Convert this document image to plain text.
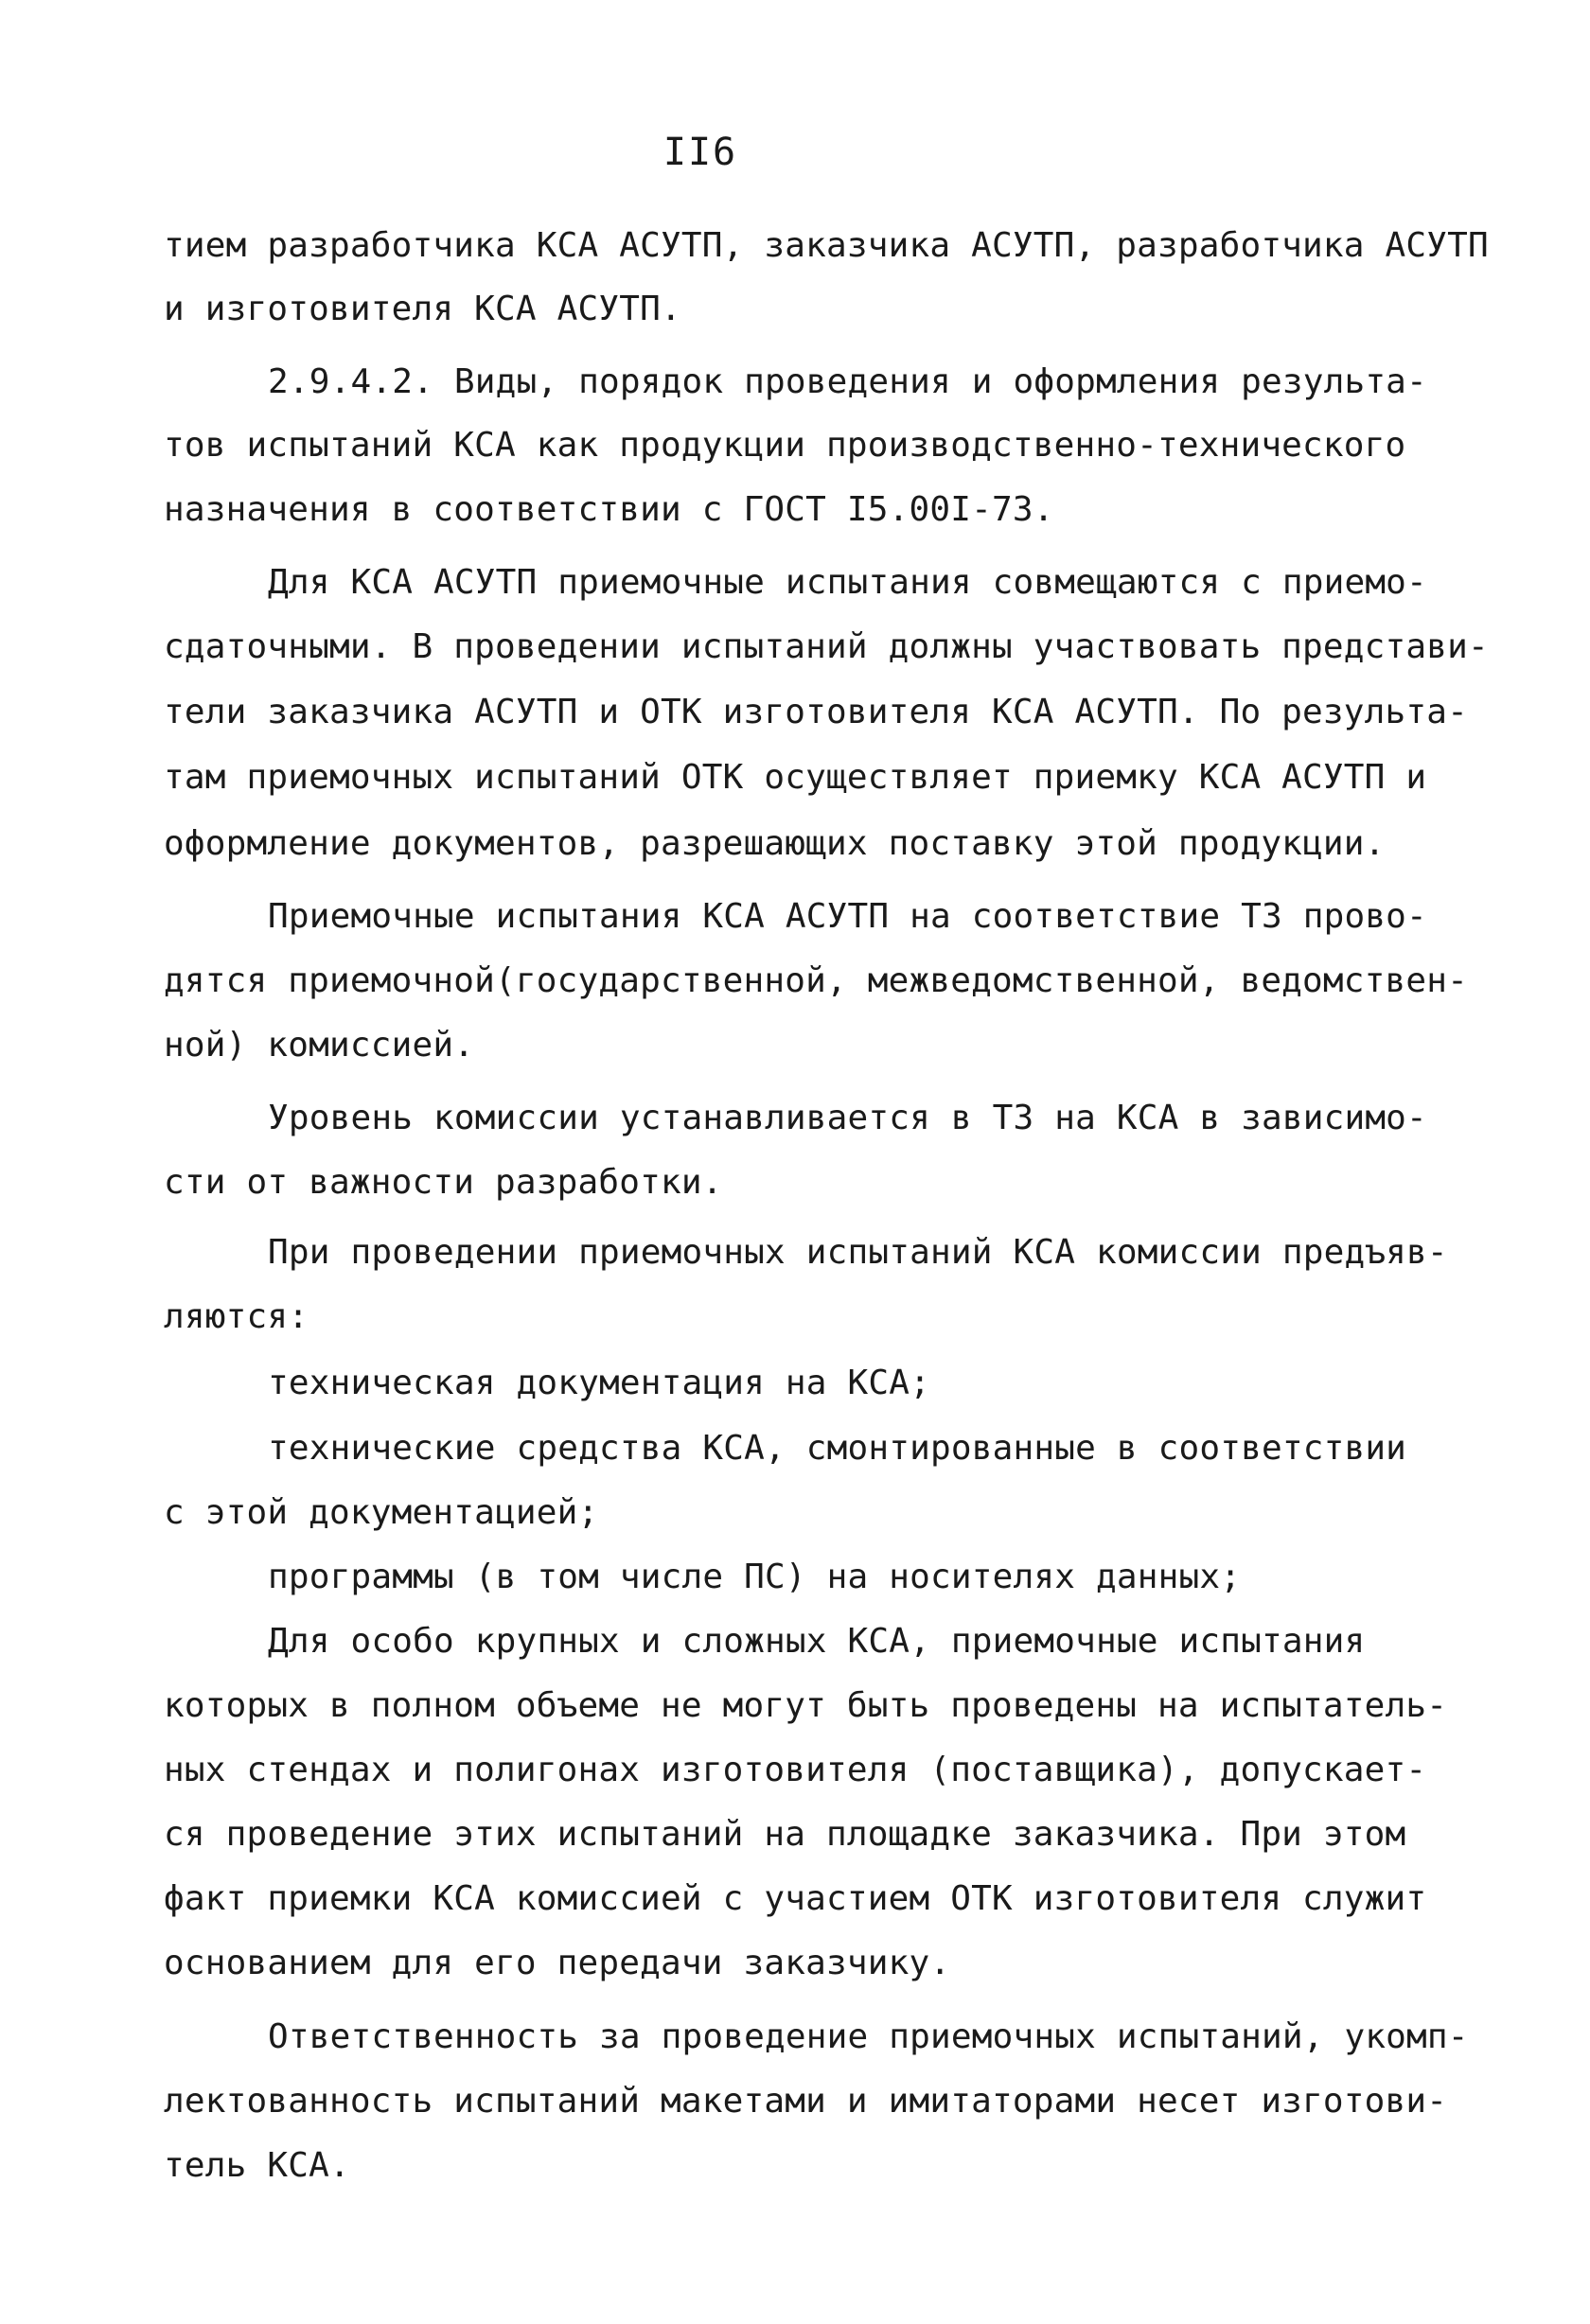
II6
тием разработчика КСА АСУТП, заказчика АСУТП, разработчика АСУТП
и изготовителя КСА АСУТП.
2.9.4.2. Виды, порядок проведения и оформления результа-
тов испытаний КСА как продукции производственно-технического
назначения в соответствии с ГОСТ I5.00I-73.
Для КСА АСУТП приемочные испытания совмещаются с приемо-
сдаточными. В проведении испытаний должны участвовать представи-
тели заказчика АСУТП и ОТК изготовителя КСА АСУТП. По результа-
там приемочных испытаний ОТК осуществляет приемку КСА АСУТП и
оформление документов, разрешающих поставку этой продукции.
Приемочные испытания КСА АСУТП на соответствие ТЗ прово-
дятся приемочной(государственной, межведомственной, ведомствен-
ной) комиссией.
Уровень комиссии устанавливается в ТЗ на КСА в зависимо-
сти от важности разработки.
При проведении приемочных испытаний КСА комиссии предъяв-
ляются:
техническая документация на КСА;
технические средства КСА, смонтированные в соответствии
с этой документацией;
программы (в том числе ПС) на носителях данных;
Для особо крупных и сложных КСА, приемочные испытания
которых в полном объеме не могут быть проведены на испытатель-
ных стендах и полигонах изготовителя (поставщика), допускает-
ся проведение этих испытаний на площадке заказчика. При этом
факт приемки КСА комиссией с участием ОТК изготовителя служит
основанием для его передачи заказчику.
Ответственность за проведение приемочных испытаний, укомп-
лектованность испытаний макетами и имитаторами несет изготови-
тель КСА.
